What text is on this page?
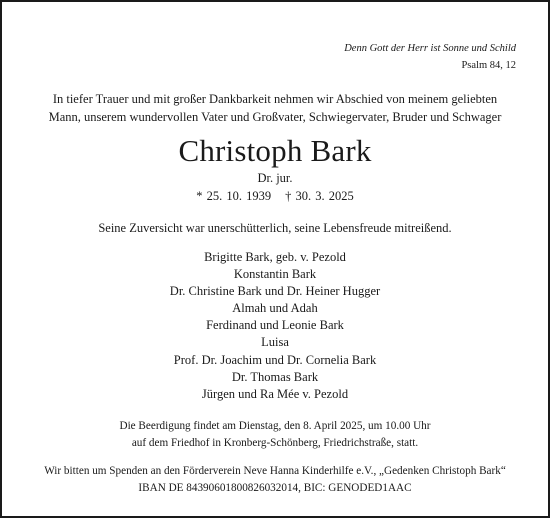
Denn Gott der Herr ist Sonne und Schild
Psalm 84, 12
In tiefer Trauer und mit großer Dankbarkeit nehmen wir Abschied von meinem geliebten
Mann, unserem wundervollen Vater und Großvater, Schwiegervater, Bruder und Schwager
Christoph Bark
Dr. jur.
* 25. 10. 1939 † 30. 3. 2025
Seine Zuversicht war unerschütterlich, seine Lebensfreude mitreißend.
Brigitte Bark, geb. v. Pezold
Konstantin Bark
Dr. Christine Bark und Dr. Heiner Hugger
Almah und Adah
Ferdinand und Leonie Bark
Luisa
Prof. Dr. Joachim und Dr. Cornelia Bark
Dr. Thomas Bark
Jürgen und Ra Mée v. Pezold
Die Beerdigung findet am Dienstag, den 8. April 2025, um 10.00 Uhr
auf dem Friedhof in Kronberg-Schönberg, Friedrichstraße, statt.
Wir bitten um Spenden an den Förderverein Neve Hanna Kinderhilfe e.V., „Gedenken Christoph Bark“
IBAN DE 84390601800826032014, BIC: GENODED1AAC
